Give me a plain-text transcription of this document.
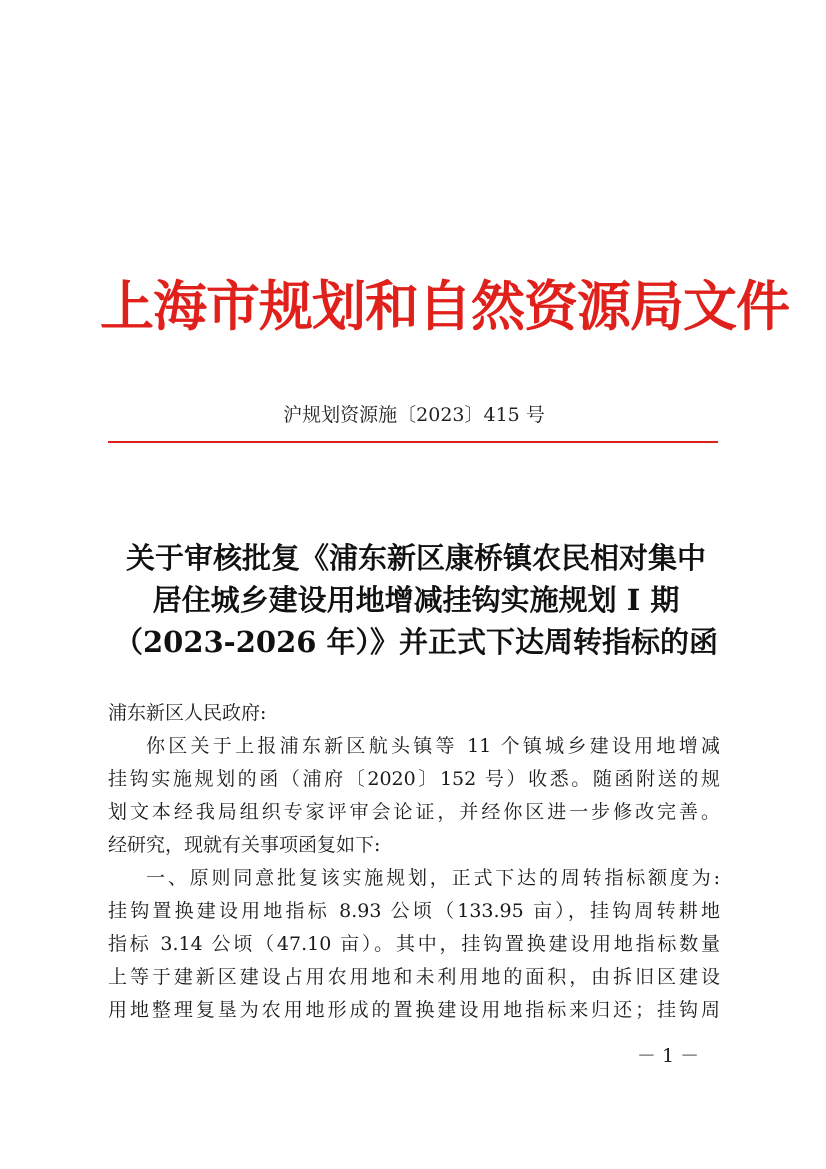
上海市规划和自然资源局文件
沪规划资源施〔2023〕415 号
关于审核批复《浦东新区康桥镇农民相对集中
居住城乡建设用地增减挂钩实施规划 I 期
（2023-2026 年）》并正式下达周转指标的函

浦东新区人民政府:

你区关于上报浦东新区航头镇等 11 个镇城乡建设用地增减

挂钩实施规划的函（浦府〔2020〕152 号）收悉。随函附送的规

划文本经我局组织专家评审会论证，并经你区进一步修改完善。

经研究，现就有关事项函复如下:

一、原则同意批复该实施规划，正式下达的周转指标额度为:

挂钩置换建设用地指标 8.93 公顷（133.95 亩），挂钩周转耕地

指标 3.14 公顷（47.10 亩）。其中，挂钩置换建设用地指标数量

上等于建新区建设占用农用地和未利用地的面积，由拆旧区建设

用地整理复垦为农用地形成的置换建设用地指标来归还；挂钩周

－ 1 －
